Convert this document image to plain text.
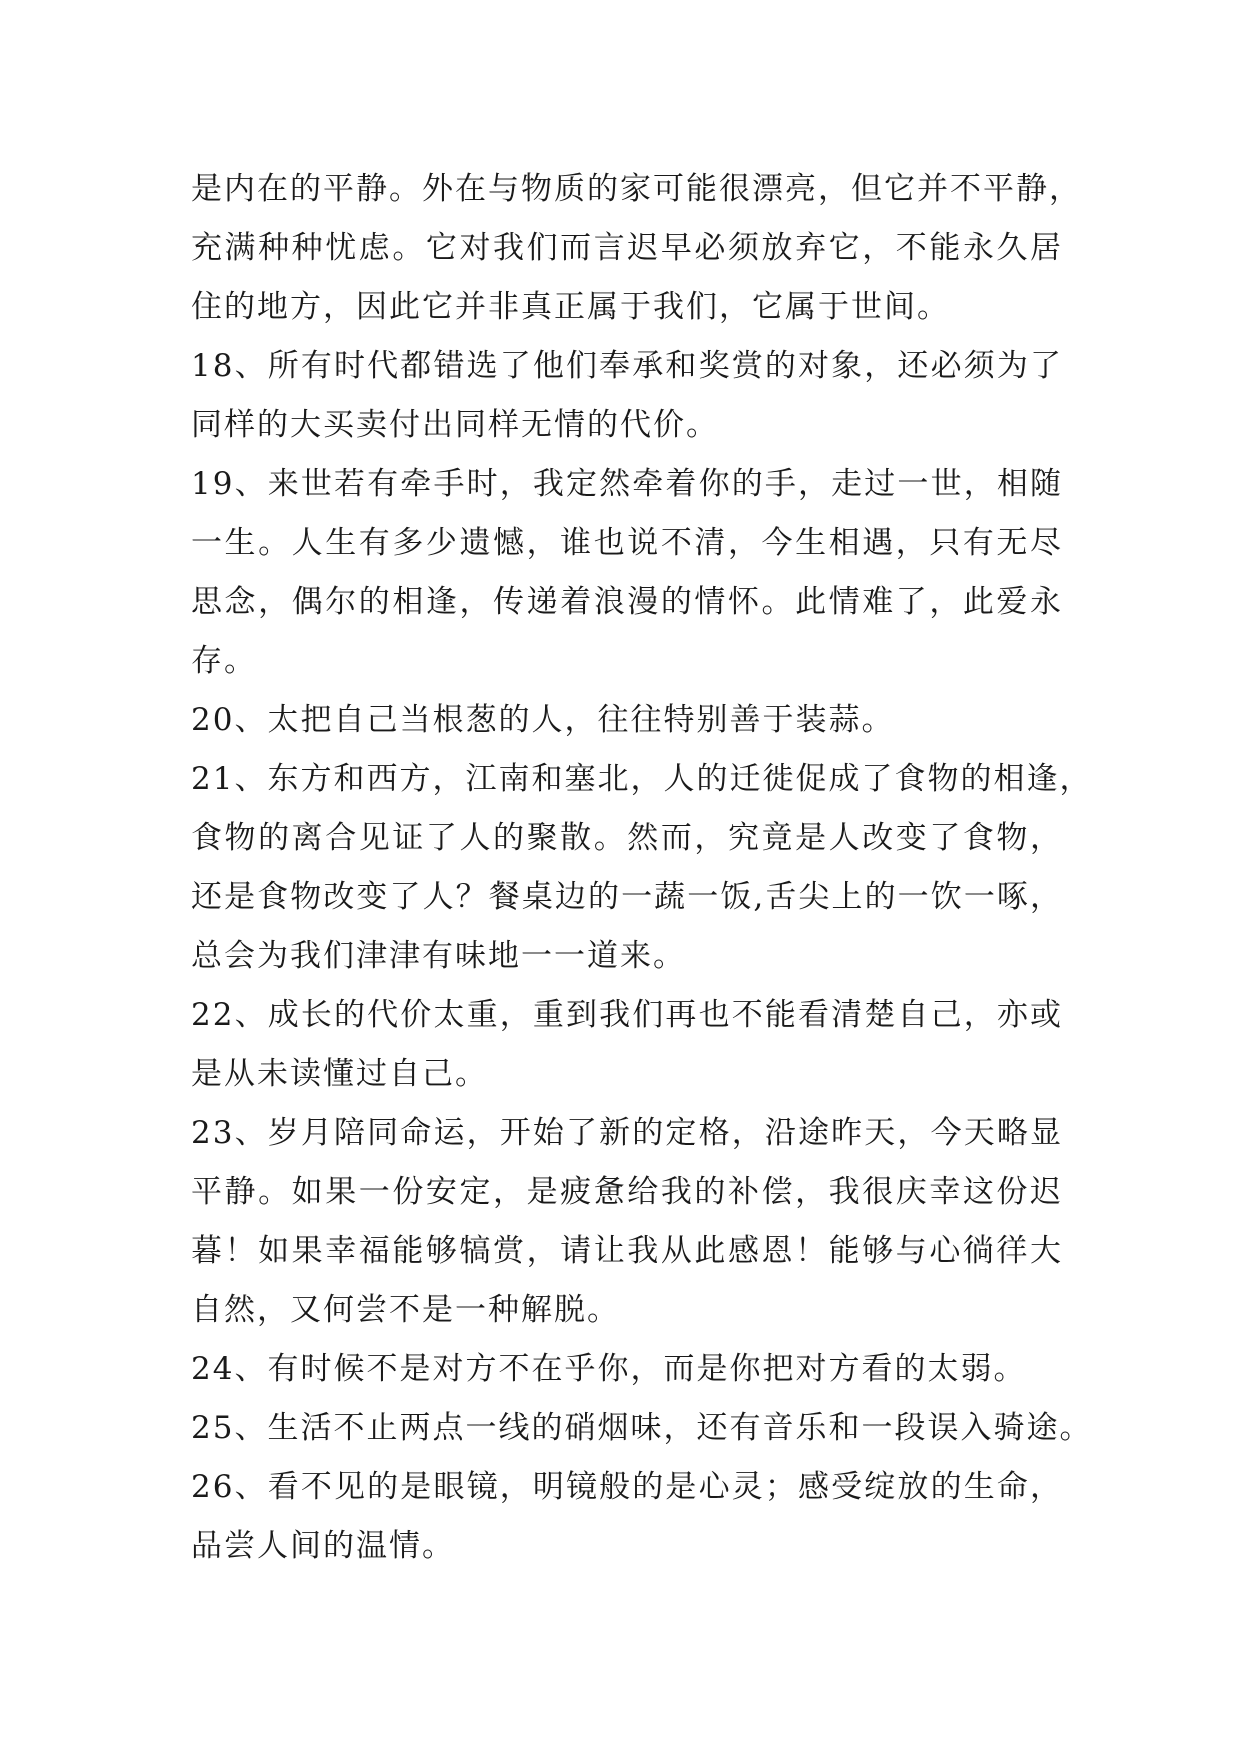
是内在的平静。外在与物质的家可能很漂亮，但它并不平静，
充满种种忧虑。它对我们而言迟早必须放弃它，不能永久居
住的地方，因此它并非真正属于我们，它属于世间。
18、所有时代都错选了他们奉承和奖赏的对象，还必须为了
同样的大买卖付出同样无情的代价。
19、来世若有牵手时，我定然牵着你的手，走过一世，相随
一生。人生有多少遗憾，谁也说不清，今生相遇，只有无尽
思念，偶尔的相逢，传递着浪漫的情怀。此情难了，此爱永
存。
20、太把自己当根葱的人，往往特别善于装蒜。
21、东方和西方，江南和塞北，人的迁徙促成了食物的相逢，
食物的离合见证了人的聚散。然而，究竟是人改变了食物，
还是食物改变了人？餐桌边的一蔬一饭,舌尖上的一饮一啄，
总会为我们津津有味地一一道来。
22、成长的代价太重，重到我们再也不能看清楚自己，亦或
是从未读懂过自己。
23、岁月陪同命运，开始了新的定格，沿途昨天，今天略显
平静。如果一份安定，是疲惫给我的补偿，我很庆幸这份迟
暮！如果幸福能够犒赏，请让我从此感恩！能够与心徜徉大
自然，又何尝不是一种解脱。
24、有时候不是对方不在乎你，而是你把对方看的太弱。
25、生活不止两点一线的硝烟味，还有音乐和一段误入骑途。
26、看不见的是眼镜，明镜般的是心灵；感受绽放的生命，
品尝人间的温情。
